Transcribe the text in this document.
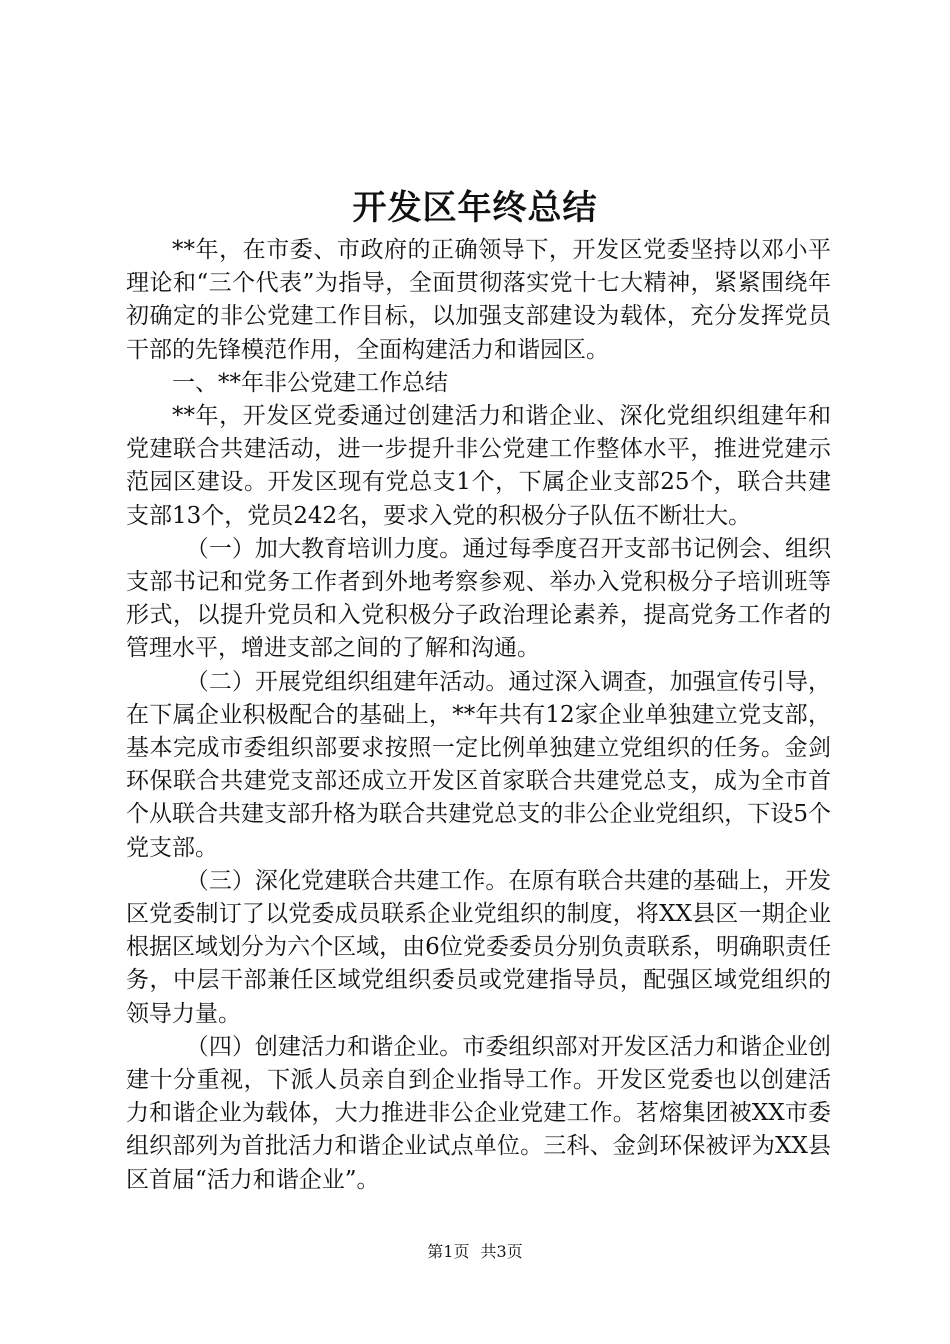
开发区年终总结

**年，在市委、市政府的正确领导下，开发区党委坚持以邓小平理论和“三个代表”为指导，全面贯彻落实党十七大精神，紧紧围绕年初确定的非公党建工作目标，以加强支部建设为载体，充分发挥党员干部的先锋模范作用，全面构建活力和谐园区。

一、**年非公党建工作总结

**年，开发区党委通过创建活力和谐企业、深化党组织组建年和党建联合共建活动，进一步提升非公党建工作整体水平，推进党建示范园区建设。开发区现有党总支1个，下属企业支部25个，联合共建支部13个，党员242名，要求入党的积极分子队伍不断壮大。

（一）加大教育培训力度。通过每季度召开支部书记例会、组织支部书记和党务工作者到外地考察参观、举办入党积极分子培训班等形式，以提升党员和入党积极分子政治理论素养，提高党务工作者的管理水平，增进支部之间的了解和沟通。

（二）开展党组织组建年活动。通过深入调查，加强宣传引导，在下属企业积极配合的基础上，**年共有12家企业单独建立党支部，基本完成市委组织部要求按照一定比例单独建立党组织的任务。金剑环保联合共建党支部还成立开发区首家联合共建党总支，成为全市首个从联合共建支部升格为联合共建党总支的非公企业党组织，下设5个党支部。

（三）深化党建联合共建工作。在原有联合共建的基础上，开发区党委制订了以党委成员联系企业党组织的制度，将XX县区一期企业根据区域划分为六个区域，由6位党委委员分别负责联系，明确职责任务，中层干部兼任区域党组织委员或党建指导员，配强区域党组织的领导力量。

（四）创建活力和谐企业。市委组织部对开发区活力和谐企业创建十分重视，下派人员亲自到企业指导工作。开发区党委也以创建活力和谐企业为载体，大力推进非公企业党建工作。茗熔集团被XX市委组织部列为首批活力和谐企业试点单位。三科、金剑环保被评为XX县区首届“活力和谐企业”。

第1页 共3页
